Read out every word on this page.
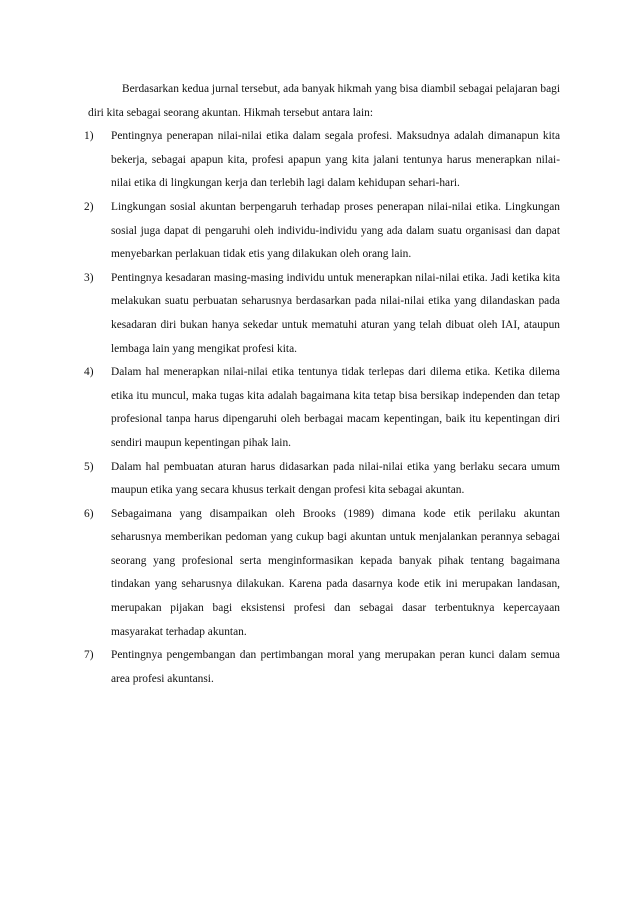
Berdasarkan kedua jurnal tersebut, ada banyak hikmah yang bisa diambil sebagai pelajaran bagi diri kita sebagai seorang akuntan. Hikmah tersebut antara lain:

1) Pentingnya penerapan nilai-nilai etika dalam segala profesi. Maksudnya adalah dimanapun kita bekerja, sebagai apapun kita, profesi apapun yang kita jalani tentunya harus menerapkan nilai-nilai etika di lingkungan kerja dan terlebih lagi dalam kehidupan sehari-hari.
2) Lingkungan sosial akuntan berpengaruh terhadap proses penerapan nilai-nilai etika. Lingkungan sosial juga dapat di pengaruhi oleh individu-individu yang ada dalam suatu organisasi dan dapat menyebarkan perlakuan tidak etis yang dilakukan oleh orang lain.
3) Pentingnya kesadaran masing-masing individu untuk menerapkan nilai-nilai etika. Jadi ketika kita melakukan suatu perbuatan seharusnya berdasarkan pada nilai-nilai etika yang dilandaskan pada kesadaran diri bukan hanya sekedar untuk mematuhi aturan yang telah dibuat oleh IAI, ataupun lembaga lain yang mengikat profesi kita.
4) Dalam hal menerapkan nilai-nilai etika tentunya tidak terlepas dari dilema etika. Ketika dilema etika itu muncul, maka tugas kita adalah bagaimana kita tetap bisa bersikap independen dan tetap profesional tanpa harus dipengaruhi oleh berbagai macam kepentingan, baik itu kepentingan diri sendiri maupun kepentingan pihak lain.
5) Dalam hal pembuatan aturan harus didasarkan pada nilai-nilai etika yang berlaku secara umum maupun etika yang secara khusus terkait dengan profesi kita sebagai akuntan.
6) Sebagaimana yang disampaikan oleh Brooks (1989) dimana kode etik perilaku akuntan seharusnya memberikan pedoman yang cukup bagi akuntan untuk menjalankan perannya sebagai seorang yang profesional serta menginformasikan kepada banyak pihak tentang bagaimana tindakan yang seharusnya dilakukan. Karena pada dasarnya kode etik ini merupakan landasan, merupakan pijakan bagi eksistensi profesi dan sebagai dasar terbentuknya kepercayaan masyarakat terhadap akuntan.
7) Pentingnya pengembangan dan pertimbangan moral yang merupakan peran kunci dalam semua area profesi akuntansi.
